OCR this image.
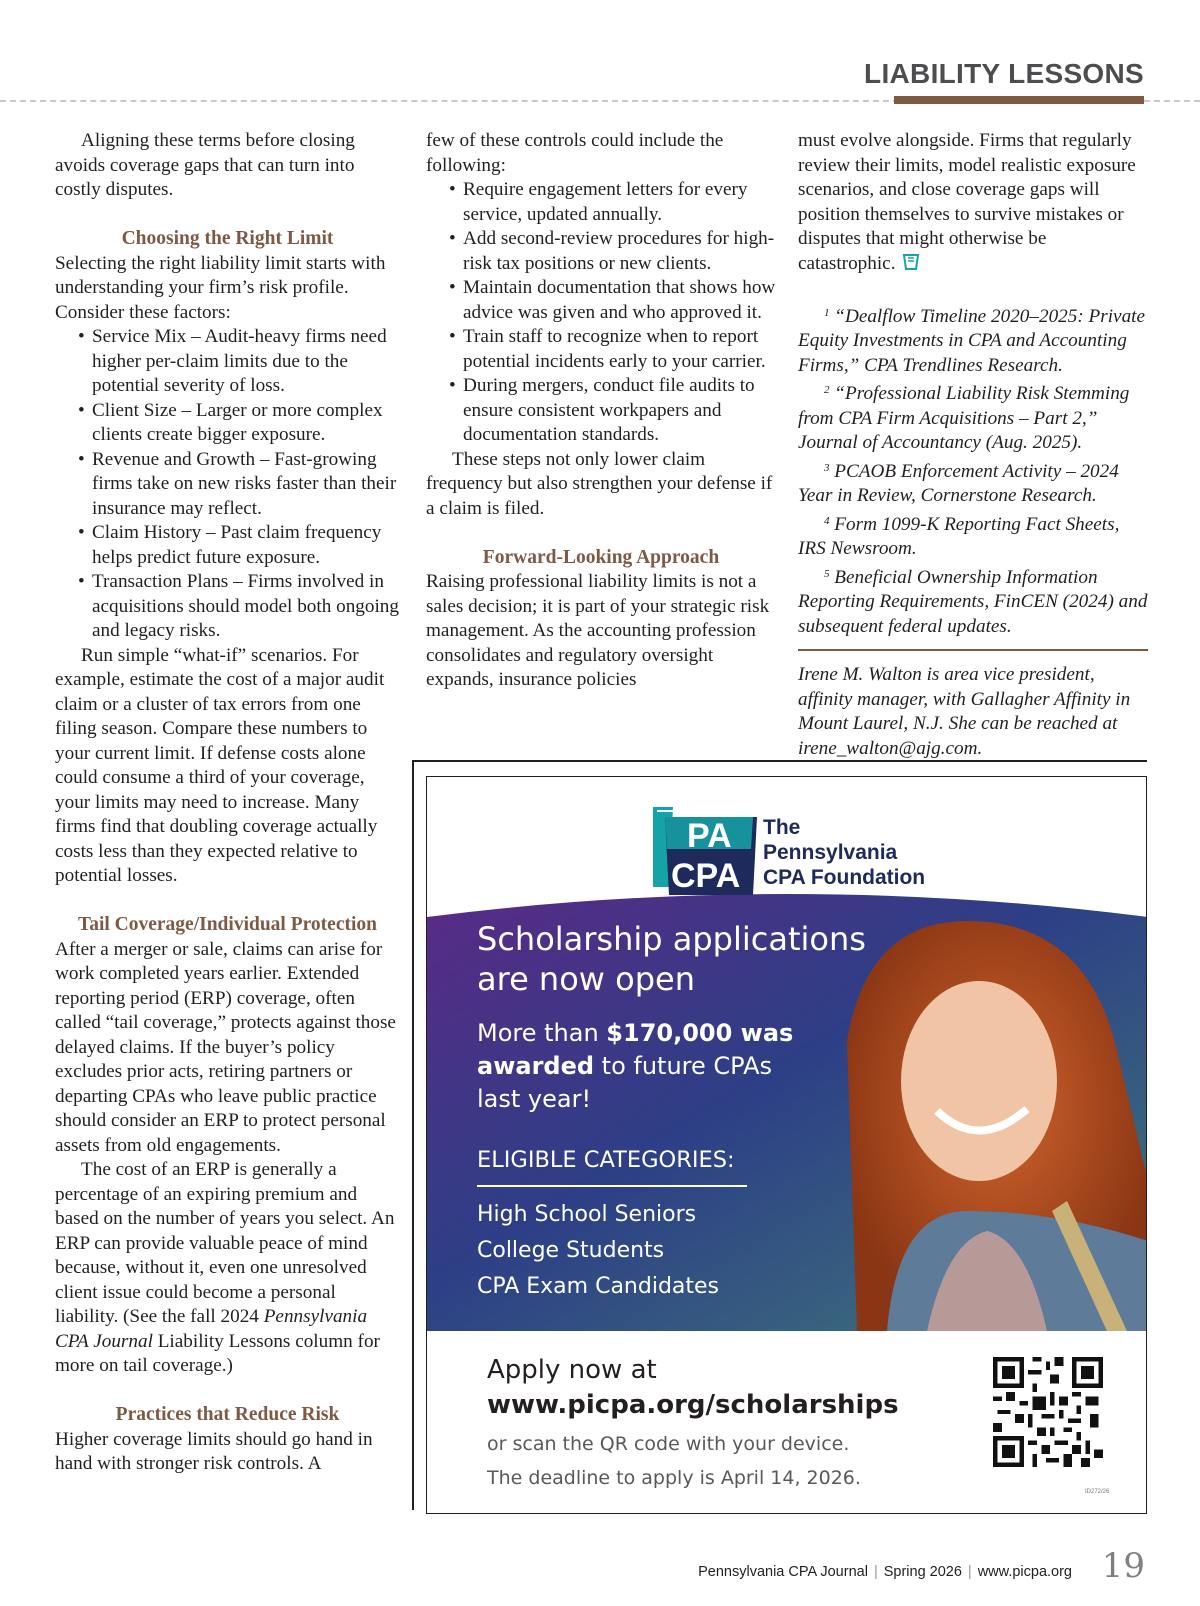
LIABILITY LESSONS

Aligning these terms before closing avoids coverage gaps that can turn into costly disputes.

Choosing the Right Limit

Selecting the right liability limit starts with understanding your firm’s risk profile. Consider these factors:

• Service Mix – Audit-heavy firms need higher per-claim limits due to the potential severity of loss.
• Client Size – Larger or more complex clients create bigger exposure.
• Revenue and Growth – Fast-growing firms take on new risks faster than their insurance may reflect.
• Claim History – Past claim frequency helps predict future exposure.
• Transaction Plans – Firms involved in acquisitions should model both ongoing and legacy risks.

Run simple “what-if” scenarios. For example, estimate the cost of a major audit claim or a cluster of tax errors from one filing season. Compare these numbers to your current limit. If defense costs alone could consume a third of your coverage, your limits may need to increase. Many firms find that doubling coverage actually costs less than they expected relative to potential losses.

Tail Coverage/Individual Protection

After a merger or sale, claims can arise for work completed years earlier. Extended reporting period (ERP) coverage, often called “tail coverage,” protects against those delayed claims. If the buyer’s policy excludes prior acts, retiring partners or departing CPAs who leave public practice should consider an ERP to protect personal assets from old engagements.

The cost of an ERP is generally a percentage of an expiring premium and based on the number of years you select. An ERP can provide valuable peace of mind because, without it, even one unresolved client issue could become a personal liability. (See the fall 2024 Pennsylvania CPA Journal Liability Lessons column for more on tail coverage.)

Practices that Reduce Risk

Higher coverage limits should go hand in hand with stronger risk controls. A

few of these controls could include the following:

• Require engagement letters for every service, updated annually.
• Add second-review procedures for high-risk tax positions or new clients.
• Maintain documentation that shows how advice was given and who approved it.
• Train staff to recognize when to report potential incidents early to your carrier.
• During mergers, conduct file audits to ensure consistent workpapers and documentation standards.

These steps not only lower claim frequency but also strengthen your defense if a claim is filed.

Forward-Looking Approach

Raising professional liability limits is not a sales decision; it is part of your strategic risk management. As the accounting profession consolidates and regulatory oversight expands, insurance policies

must evolve alongside. Firms that regularly review their limits, model realistic exposure scenarios, and close coverage gaps will position themselves to survive mistakes or disputes that might otherwise be catastrophic.

$^1$ “Dealflow Timeline 2020–2025: Private Equity Investments in CPA and Accounting Firms,” CPA Trendlines Research.

$^2$ “Professional Liability Risk Stemming from CPA Firm Acquisitions – Part 2,” Journal of Accountancy (Aug. 2025).

$^3$ PCAOB Enforcement Activity – 2024 Year in Review, Cornerstone Research.

$^4$ Form 1099-K Reporting Fact Sheets, IRS Newsroom.

$^5$ Beneficial Ownership Information Reporting Requirements, FinCEN (2024) and subsequent federal updates.

Irene M. Walton is area vice president, affinity manager, with Gallagher Affinity in Mount Laurel, N.J. She can be reached at irene_walton@ajg.com.

PA
CPA
The
Pennsylvania
CPA Foundation
Scholarship applications are now open
More than $170,000 was awarded to future CPAs last year!
ELIGIBLE CATEGORIES:
High School Seniors
College Students
CPA Exam Candidates
Apply now at
www.picpa.org/scholarships
or scan the QR code with your device.
The deadline to apply is April 14, 2026.
ID272/26
Pennsylvania CPA Journal | Spring 2026 | www.picpa.org 19
